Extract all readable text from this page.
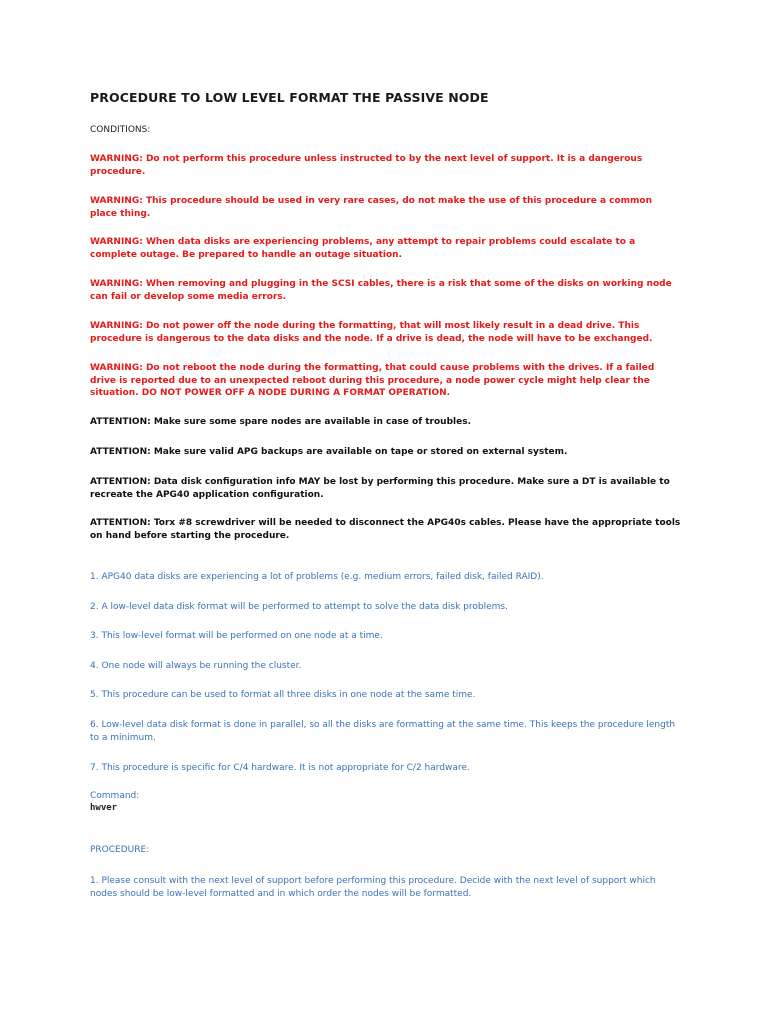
PROCEDURE TO LOW LEVEL FORMAT THE PASSIVE NODE
CONDITIONS:

WARNING: Do not perform this procedure unless instructed to by the next level of support. It is a dangerous procedure.

WARNING: This procedure should be used in very rare cases, do not make the use of this procedure a common place thing.

WARNING: When data disks are experiencing problems, any attempt to repair problems could escalate to a complete outage. Be prepared to handle an outage situation.

WARNING: When removing and plugging in the SCSI cables, there is a risk that some of the disks on working node can fail or develop some media errors.

WARNING: Do not power off the node during the formatting, that will most likely result in a dead drive. This procedure is dangerous to the data disks and the node. If a drive is dead, the node will have to be exchanged.

WARNING: Do not reboot the node during the formatting, that could cause problems with the drives. If a failed drive is reported due to an unexpected reboot during this procedure, a node power cycle might help clear the situation. DO NOT POWER OFF A NODE DURING A FORMAT OPERATION.

ATTENTION: Make sure some spare nodes are available in case of troubles.

ATTENTION: Make sure valid APG backups are available on tape or stored on external system.

ATTENTION: Data disk configuration info MAY be lost by performing this procedure. Make sure a DT is available to recreate the APG40 application configuration.

ATTENTION: Torx #8 screwdriver will be needed to disconnect the APG40s cables. Please have the appropriate tools on hand before starting the procedure.

1. APG40 data disks are experiencing a lot of problems (e.g. medium errors, failed disk, failed RAID).

2. A low-level data disk format will be performed to attempt to solve the data disk problems.

3. This low-level format will be performed on one node at a time.

4. One node will always be running the cluster.

5. This procedure can be used to format all three disks in one node at the same time.

6. Low-level data disk format is done in parallel, so all the disks are formatting at the same time. This keeps the procedure length to a minimum.

7. This procedure is specific for C/4 hardware. It is not appropriate for C/2 hardware.

Command:
hwver
PROCEDURE:

1. Please consult with the next level of support before performing this procedure. Decide with the next level of support which nodes should be low-level formatted and in which order the nodes will be formatted.
